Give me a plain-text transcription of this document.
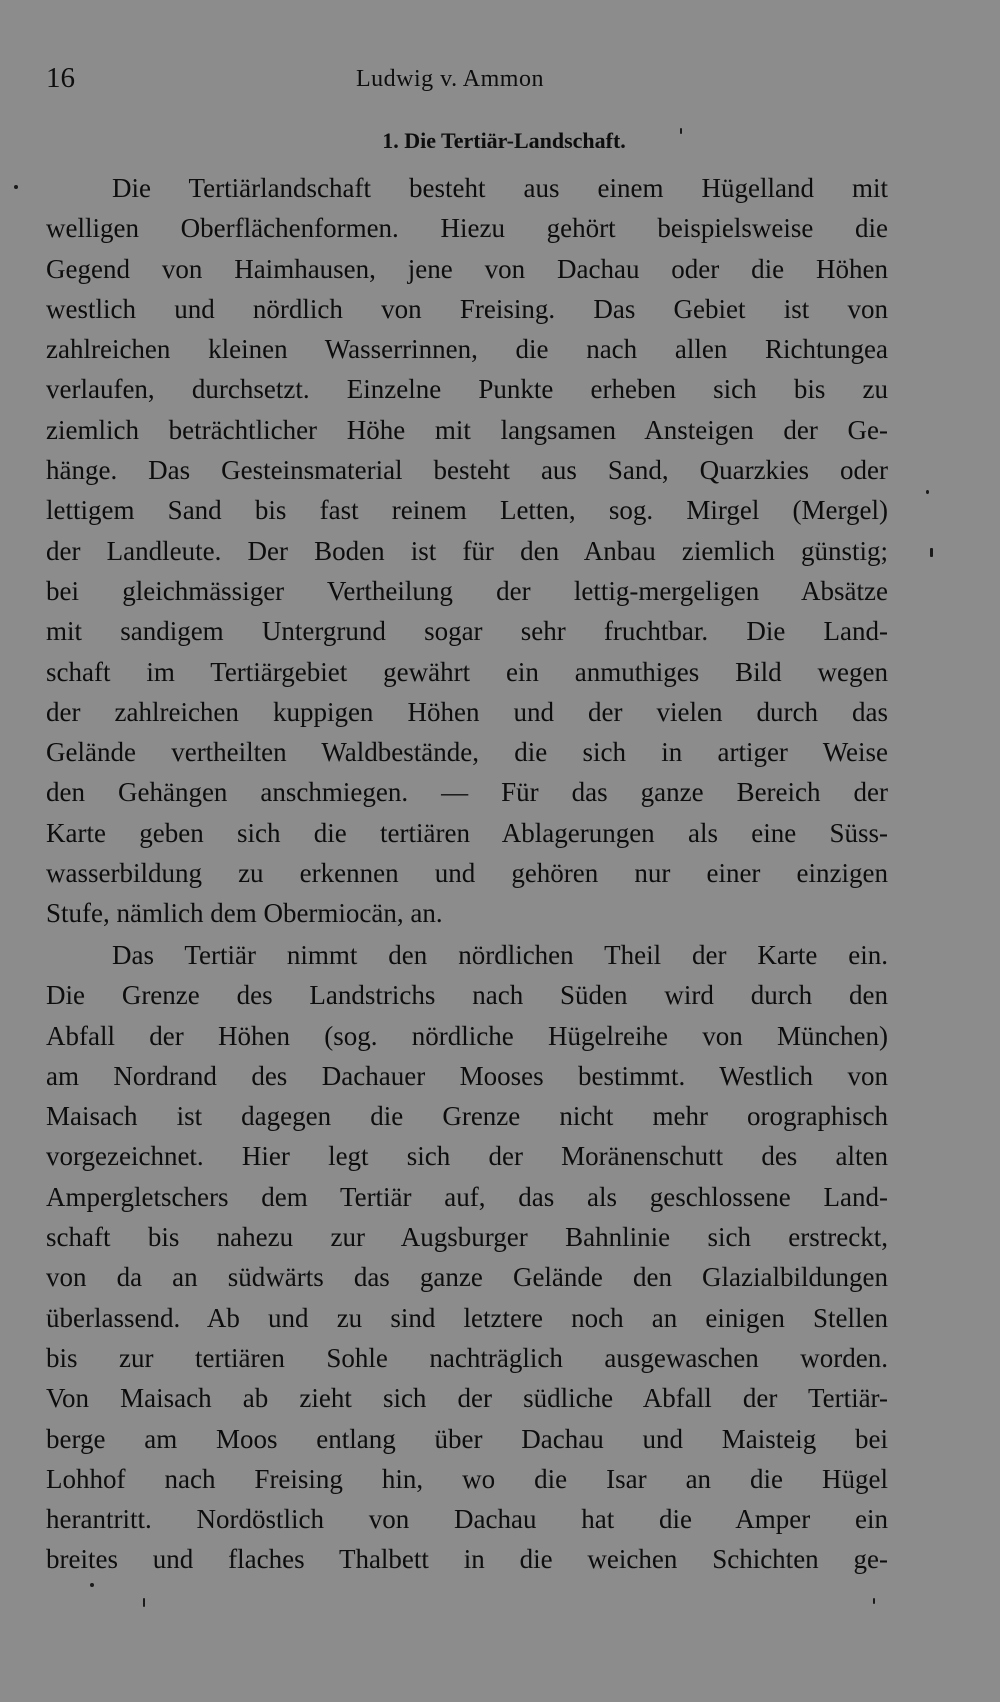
16	Ludwig v. Ammon
1. Die Tertiär-Landschaft.
Die Tertiärlandschaft besteht aus einem Hügelland mit
welligen Oberflächenformen. Hiezu gehört beispielsweise die
Gegend von Haimhausen, jene von Dachau oder die Höhen
westlich und nördlich von Freising. Das Gebiet ist von
zahlreichen kleinen Wasserrinnen, die nach allen Richtungea
verlaufen, durchsetzt. Einzelne Punkte erheben sich bis zu
ziemlich beträchtlicher Höhe mit langsamen Ansteigen der Ge-
hänge. Das Gesteinsmaterial besteht aus Sand, Quarzkies oder
lettigem Sand bis fast reinem Letten, sog. Mirgel (Mergel)
der Landleute. Der Boden ist für den Anbau ziemlich günstig;
bei gleichmässiger Vertheilung der lettig-mergeligen Absätze
mit sandigem Untergrund sogar sehr fruchtbar. Die Land-
schaft im Tertiärgebiet gewährt ein anmuthiges Bild wegen
der zahlreichen kuppigen Höhen und der vielen durch das
Gelände vertheilten Waldbestände, die sich in artiger Weise
den Gehängen anschmiegen. — Für das ganze Bereich der
Karte geben sich die tertiären Ablagerungen als eine Süss-
wasserbildung zu erkennen und gehören nur einer einzigen
Stufe, nämlich dem Obermiocän, an.
Das Tertiär nimmt den nördlichen Theil der Karte ein.
Die Grenze des Landstrichs nach Süden wird durch den
Abfall der Höhen (sog. nördliche Hügelreihe von München)
am Nordrand des Dachauer Mooses bestimmt. Westlich von
Maisach ist dagegen die Grenze nicht mehr orographisch
vorgezeichnet. Hier legt sich der Moränenschutt des alten
Ampergletschers dem Tertiär auf, das als geschlossene Land-
schaft bis nahezu zur Augsburger Bahnlinie sich erstreckt,
von da an südwärts das ganze Gelände den Glazialbildungen
überlassend. Ab und zu sind letztere noch an einigen Stellen
bis zur tertiären Sohle nachträglich ausgewaschen worden.
Von Maisach ab zieht sich der südliche Abfall der Tertiär-
berge am Moos entlang über Dachau und Maisteig bei
Lohhof nach Freising hin, wo die Isar an die Hügel
herantritt. Nordöstlich von Dachau hat die Amper ein
breites und flaches Thalbett in die weichen Schichten ge-
